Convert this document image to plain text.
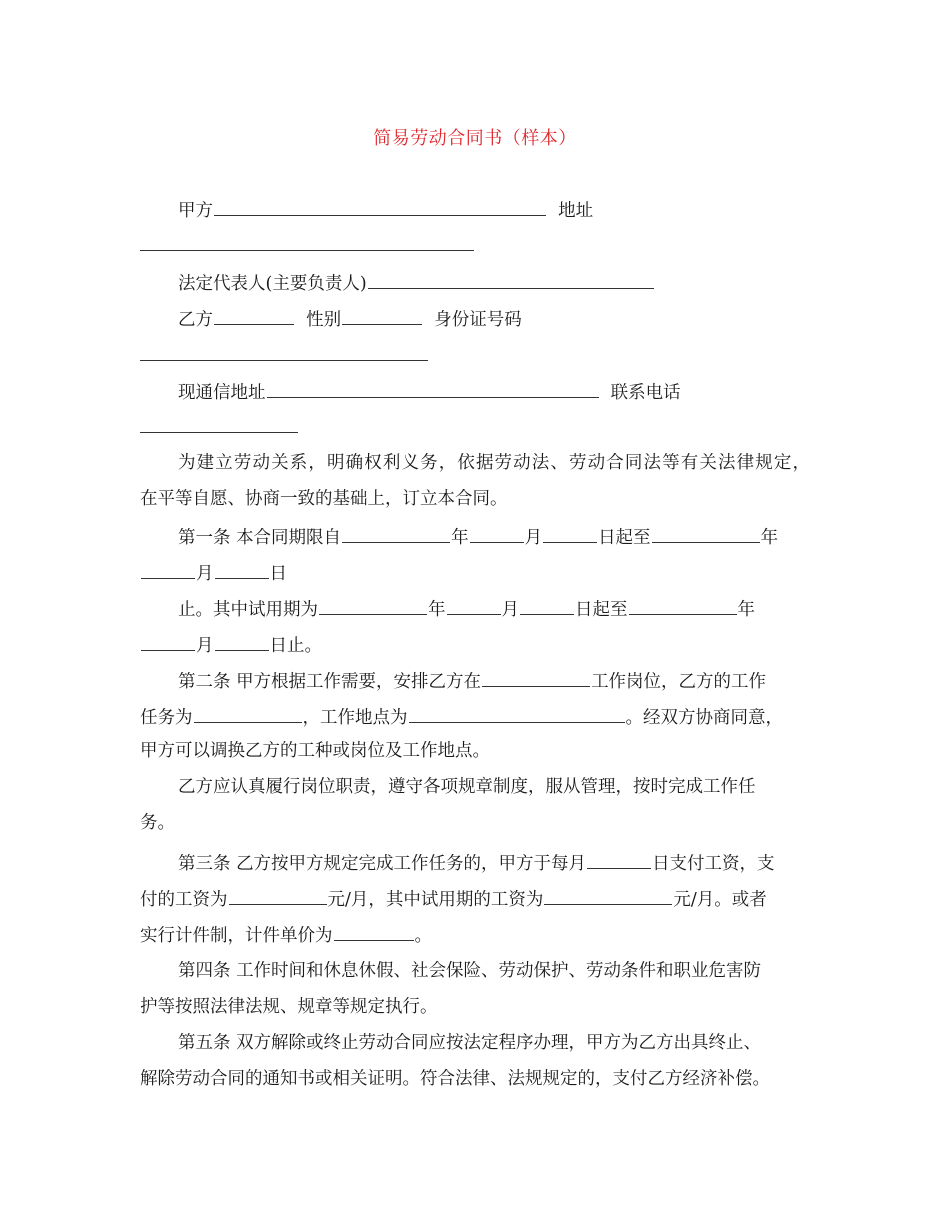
简易劳动合同书（样本）
甲方	地址
法定代表人(主要负责人)
乙方	性别	身份证号码
现通信地址	联系电话
为建立劳动关系，明确权利义务，依据劳动法、劳动合同法等有关法律规定，
在平等自愿、协商一致的基础上，订立本合同。
第一条 本合同期限自	年	月	日起至	年
月	日
止。其中试用期为	年	月	日起至	年
月	日止。
第二条 甲方根据工作需要，安排乙方在	工作岗位，乙方的工作
任务为	，工作地点为	。经双方协商同意，
甲方可以调换乙方的工种或岗位及工作地点。
乙方应认真履行岗位职责，遵守各项规章制度，服从管理，按时完成工作任
务。
第三条 乙方按甲方规定完成工作任务的，甲方于每月	日支付工资，支
付的工资为	元/月，其中试用期的工资为	元/月。或者
实行计件制，计件单价为	。
第四条 工作时间和休息休假、社会保险、劳动保护、劳动条件和职业危害防
护等按照法律法规、规章等规定执行。
第五条 双方解除或终止劳动合同应按法定程序办理，甲方为乙方出具终止、
解除劳动合同的通知书或相关证明。符合法律、法规规定的，支付乙方经济补偿。
